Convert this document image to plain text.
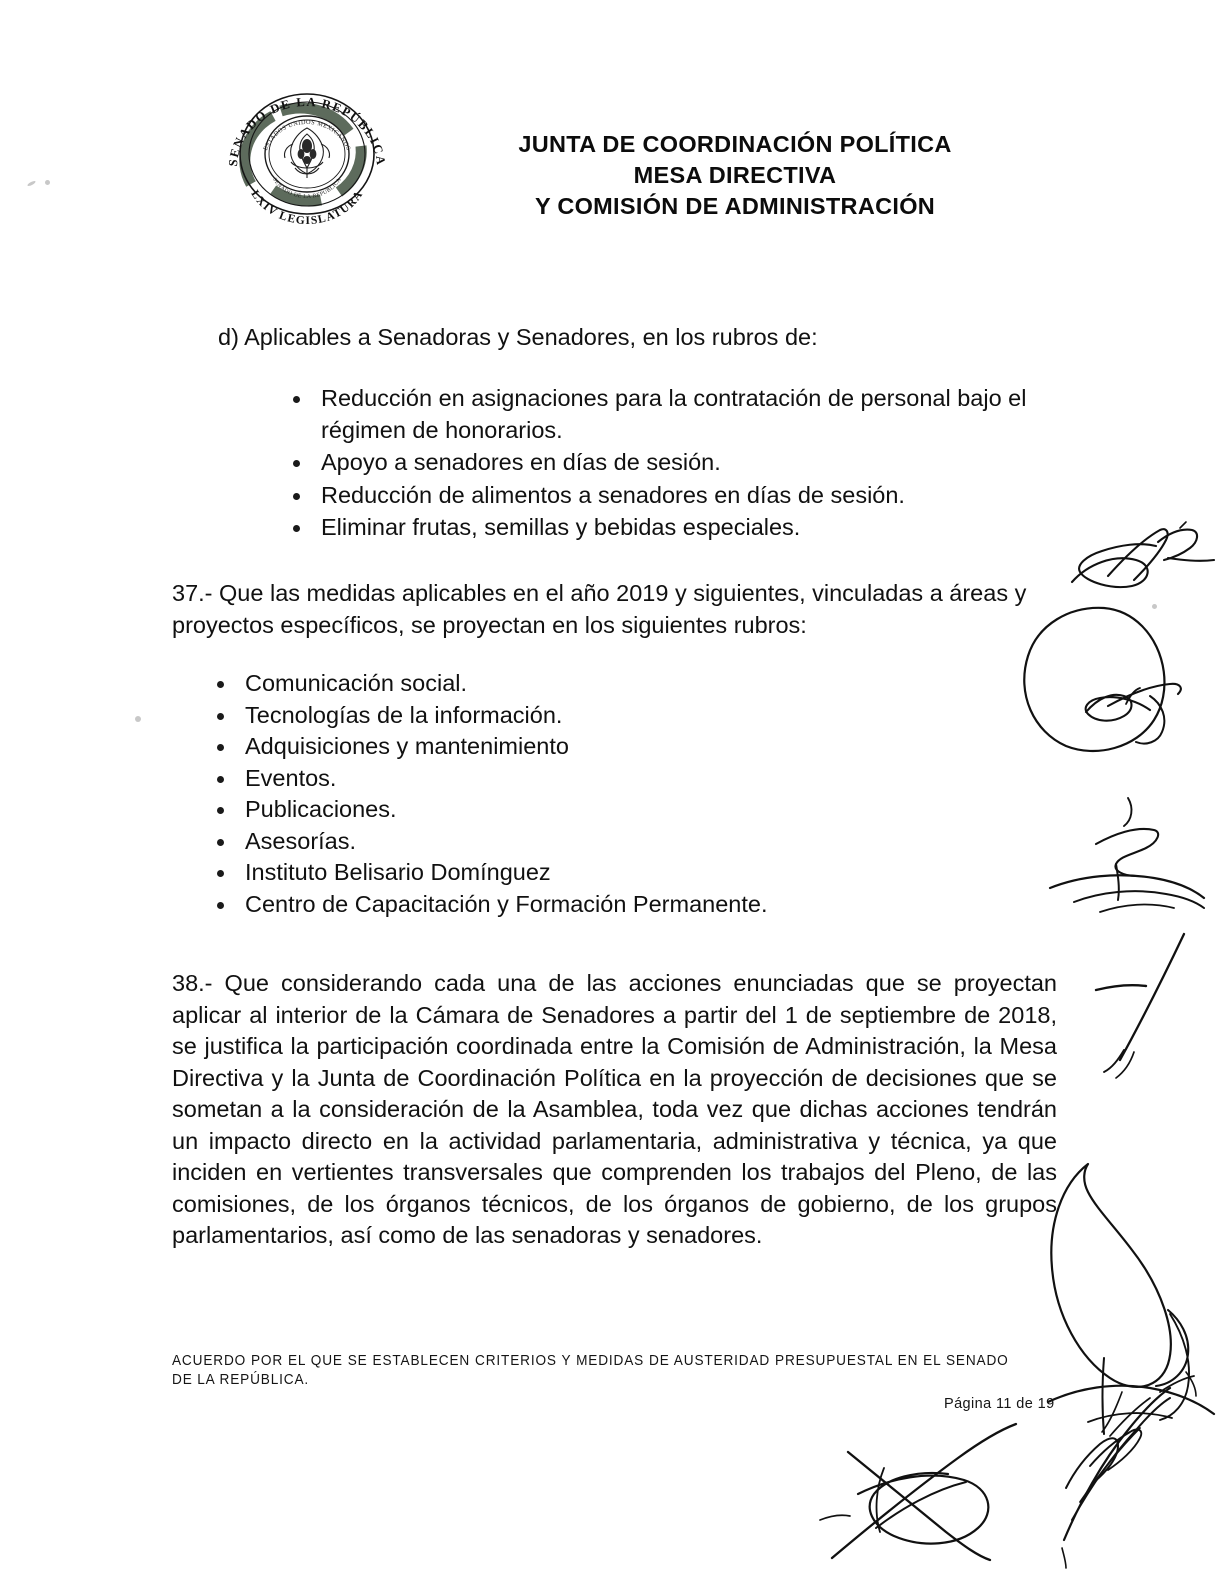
SENADO DE LA REPÚBLICA
LXIV LEGISLATURA
ESTADOS UNIDOS MEXICANOS
SENADO DE LA REPUBLICA
JUNTA DE COORDINACIÓN POLÍTICA
MESA DIRECTIVA
Y COMISIÓN DE ADMINISTRACIÓN
d) Aplicables a Senadoras y Senadores, en los rubros de:
Reducción en asignaciones para la contratación de personal bajo el régimen de honorarios.
Apoyo a senadores en días de sesión.
Reducción de alimentos a senadores en días de sesión.
Eliminar frutas, semillas y bebidas especiales.
37.- Que las medidas aplicables en el año 2019 y siguientes, vinculadas a áreas y proyectos específicos, se proyectan en los siguientes rubros:
Comunicación social.
Tecnologías de la información.
Adquisiciones y mantenimiento
Eventos.
Publicaciones.
Asesorías.
Instituto Belisario Domínguez
Centro de Capacitación y Formación Permanente.
38.- Que considerando cada una de las acciones enunciadas que se proyectan aplicar al interior de la Cámara de Senadores a partir del 1 de septiembre de 2018, se justifica la participación coordinada entre la Comisión de Administración, la Mesa Directiva y la Junta de Coordinación Política en la proyección de decisiones que se sometan a la consideración de la Asamblea, toda vez que dichas acciones tendrán un impacto directo en la actividad parlamentaria, administrativa y técnica, ya que inciden en vertientes transversales que comprenden los trabajos del Pleno, de las comisiones, de los órganos técnicos, de los órganos de gobierno, de los grupos parlamentarios, así como de las senadoras y senadores.
ACUERDO POR EL QUE SE ESTABLECEN CRITERIOS Y MEDIDAS DE AUSTERIDAD PRESUPUESTAL EN EL SENADO DE LA REPÚBLICA.
Página 11 de 19
